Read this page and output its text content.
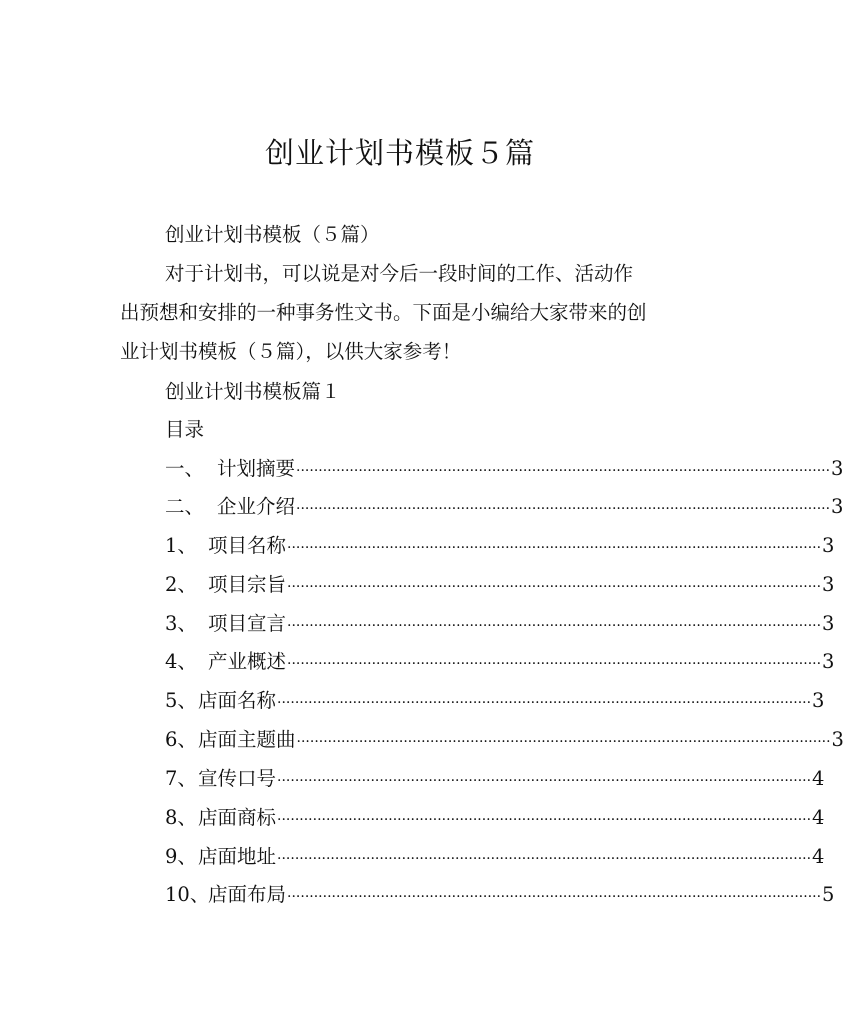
创业计划书模板５篇
创业计划书模板（５篇）
对于计划书，可以说是对今后一段时间的工作、活动作
出预想和安排的一种事务性文书。下面是小编给大家带来的创
业计划书模板（５篇），以供大家参考！
创业计划书模板篇１
目录
一、 计划摘要 ························································································································ 3
二、 企业介绍 ························································································································ 3
1、 项目名称 ························································································································ 3
2、 项目宗旨 ························································································································ 3
3、 项目宣言 ························································································································ 3
4、 产业概述 ························································································································ 3
5、 店面名称 ························································································································ 3
6、 店面主题曲 ························································································································ 3
7、 宣传口号 ························································································································ 4
8、 店面商标 ························································································································ 4
9、 店面地址 ························································································································ 4
10、
店面布局 ························································································································ 5
